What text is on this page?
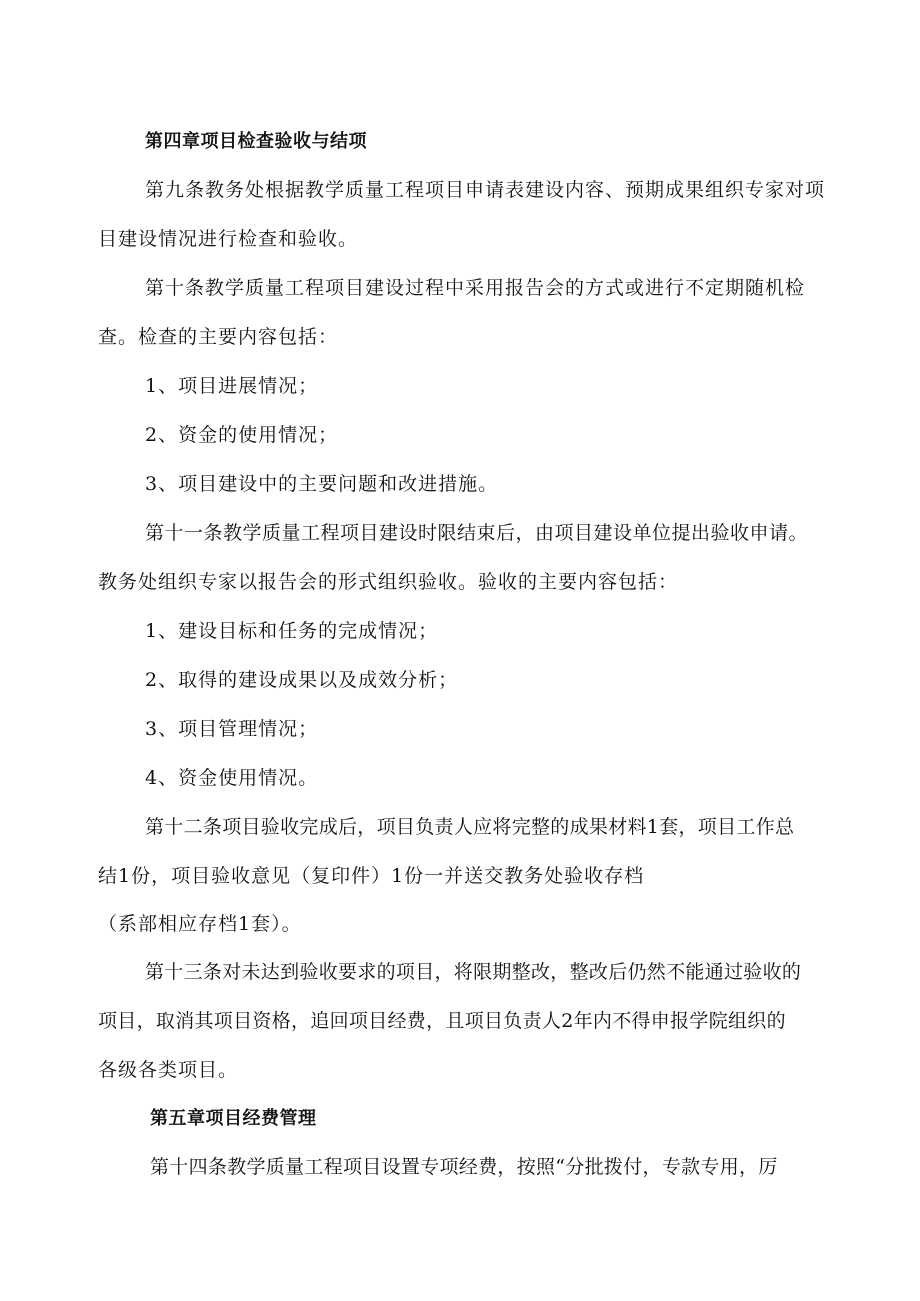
第四章项目检查验收与结项

第九条教务处根据教学质量工程项目申请表建设内容、预期成果组织专家对项

目建设情况进行检查和验收。

第十条教学质量工程项目建设过程中采用报告会的方式或进行不定期随机检

查。检查的主要内容包括：

1、项目进展情况；

2、资金的使用情况；

3、项目建设中的主要问题和改进措施。

第十一条教学质量工程项目建设时限结束后，由项目建设单位提出验收申请。

教务处组织专家以报告会的形式组织验收。验收的主要内容包括：

1、建设目标和任务的完成情况；

2、取得的建设成果以及成效分析；

3、项目管理情况；

4、资金使用情况。

第十二条项目验收完成后，项目负责人应将完整的成果材料1套，项目工作总

结1份，项目验收意见（复印件）1份一并送交教务处验收存档

（系部相应存档1套）。

第十三条对未达到验收要求的项目，将限期整改，整改后仍然不能通过验收的

项目，取消其项目资格，追回项目经费，且项目负责人2年内不得申报学院组织的

各级各类项目。

第五章项目经费管理

第十四条教学质量工程项目设置专项经费，按照“分批拨付，专款专用，厉
